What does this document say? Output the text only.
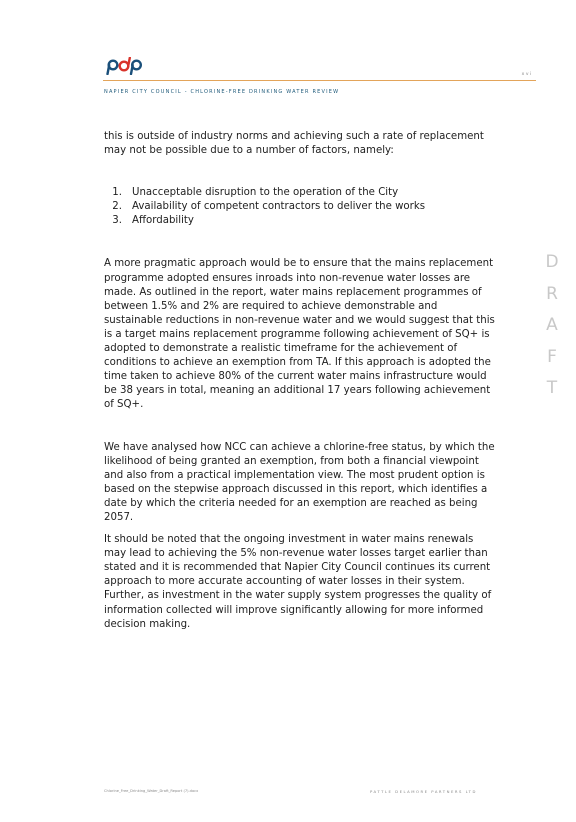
xvi
NAPIER CITY COUNCIL - CHLORINE-FREE DRINKING WATER REVIEW

this is outside of industry norms and achieving such a rate of replacement may not be possible due to a number of factors, namely:

1. Unacceptable disruption to the operation of the City
2. Availability of competent contractors to deliver the works
3. Affordability

A more pragmatic approach would be to ensure that the mains replacement programme adopted ensures inroads into non-revenue water losses are made. As outlined in the report, water mains replacement programmes of between 1.5% and 2% are required to achieve demonstrable and sustainable reductions in non-revenue water and we would suggest that this is a target mains replacement programme following achievement of SQ+ is adopted to demonstrate a realistic timeframe for the achievement of conditions to achieve an exemption from TA. If this approach is adopted the time taken to achieve 80% of the current water mains infrastructure would be 38 years in total, meaning an additional 17 years following achievement of SQ+.

We have analysed how NCC can achieve a chlorine-free status, by which the likelihood of being granted an exemption, from both a financial viewpoint and also from a practical implementation view. The most prudent option is based on the stepwise approach discussed in this report, which identifies a date by which the criteria needed for an exemption are reached as being 2057.

It should be noted that the ongoing investment in water mains renewals may lead to achieving the 5% non-revenue water losses target earlier than stated and it is recommended that Napier City Council continues its current approach to more accurate accounting of water losses in their system. Further, as investment in the water supply system progresses the quality of information collected will improve significantly allowing for more informed decision making.

D
R
A
F
T
Chlorine_Free_Drinking_Water_Draft_Report (7).docx	PATTLE DELAMORE PARTNERS LTD
